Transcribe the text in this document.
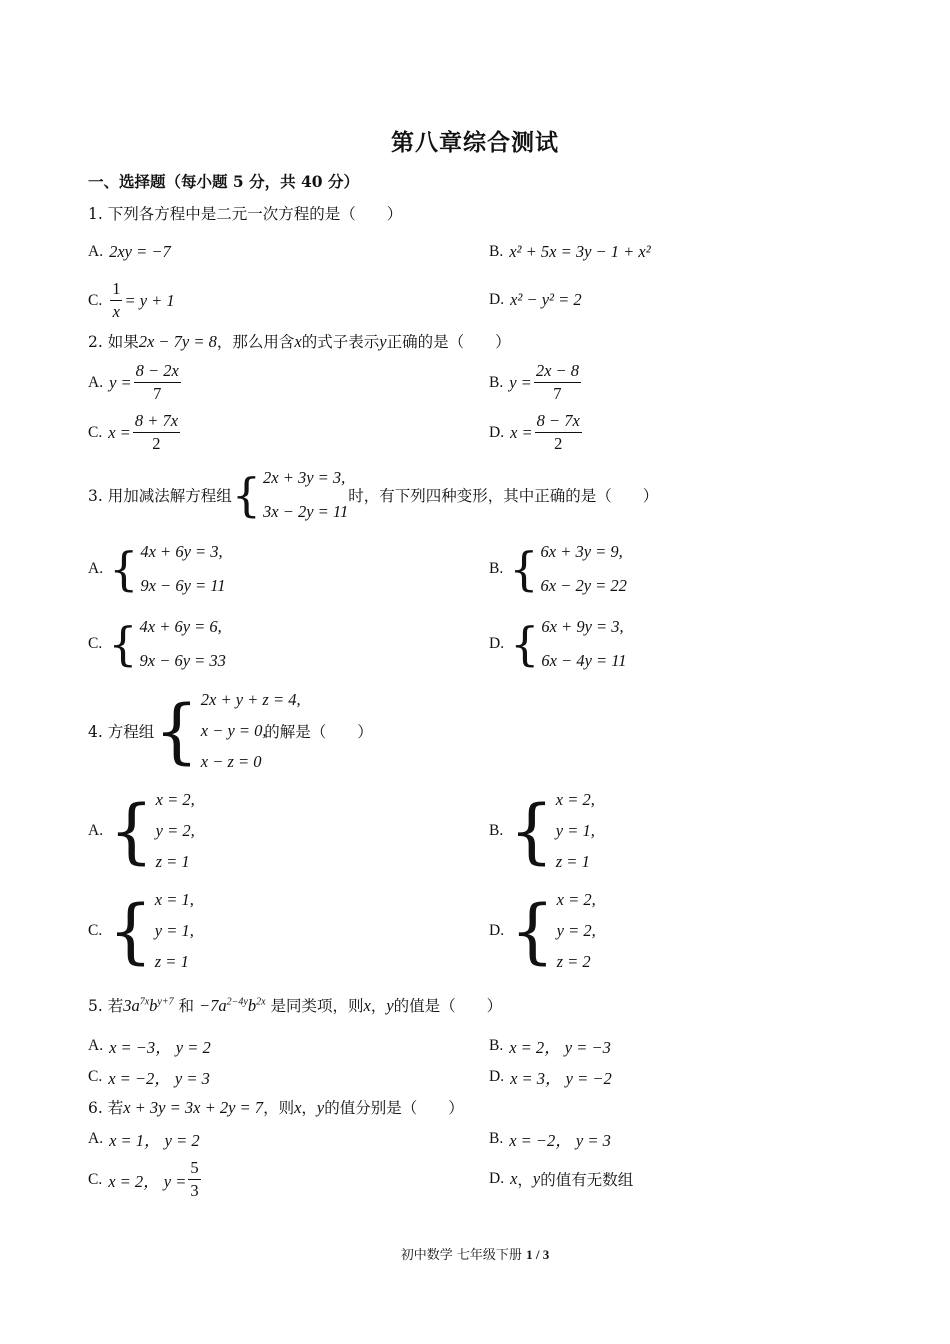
第八章综合测试
一、选择题（每小题 5 分，共 40 分）
1. 下列各方程中是二元一次方程的是（　　）
A. 2xy = −7	B. x² + 5x = 3y − 1 + x²
C. $\frac{1}{x} = y + 1$	D. x² − y² = 2
2. 如果2x − 7y = 8，那么用含x的式子表示y正确的是（　　）
A. $y = \frac{8 - 2x}{7}$	B. $y = \frac{2x - 8}{7}$
C. $x = \frac{8 + 7x}{2}$	D. $x = \frac{8 - 7x}{2}$
3. 用加减法解方程组 { 2x + 3y = 3,
3x − 2y = 11
时，有下列四种变形，其中正确的是（　　）
A. { 4x + 6y = 3,
9x − 6y = 11
B. { 6x + 3y = 9,
6x − 2y = 22
C. { 4x + 6y = 6,
9x − 6y = 33
D. { 6x + 9y = 3,
6x − 4y = 11
4. 方程组 { 2x + y + z = 4,
x − y = 0,
x − z = 0
的解是（　　）
A. { x = 2,
y = 2,
z = 1
B. { x = 2,
y = 1,
z = 1
C. { x = 1,
y = 1,
z = 1
D. { x = 2,
y = 2,
z = 2
5. 若$3a^{7x}b^{y+7}$ 和 $-7a^{2-4y}b^{2x}$ 是同类项，则x，y的值是（　　）
A. x = −3， y = 2	B. x = 2， y = −3
C. x = −2， y = 3	D. x = 3， y = −2
6. 若x + 3y = 3x + 2y = 7，则x，y的值分别是（　　）
A. x = 1， y = 2	B. x = −2， y = 3
C. x = 2， $y = \frac{5}{3}$	D. x ， y 的值有无数组
初中数学 七年级下册 1 / 3
